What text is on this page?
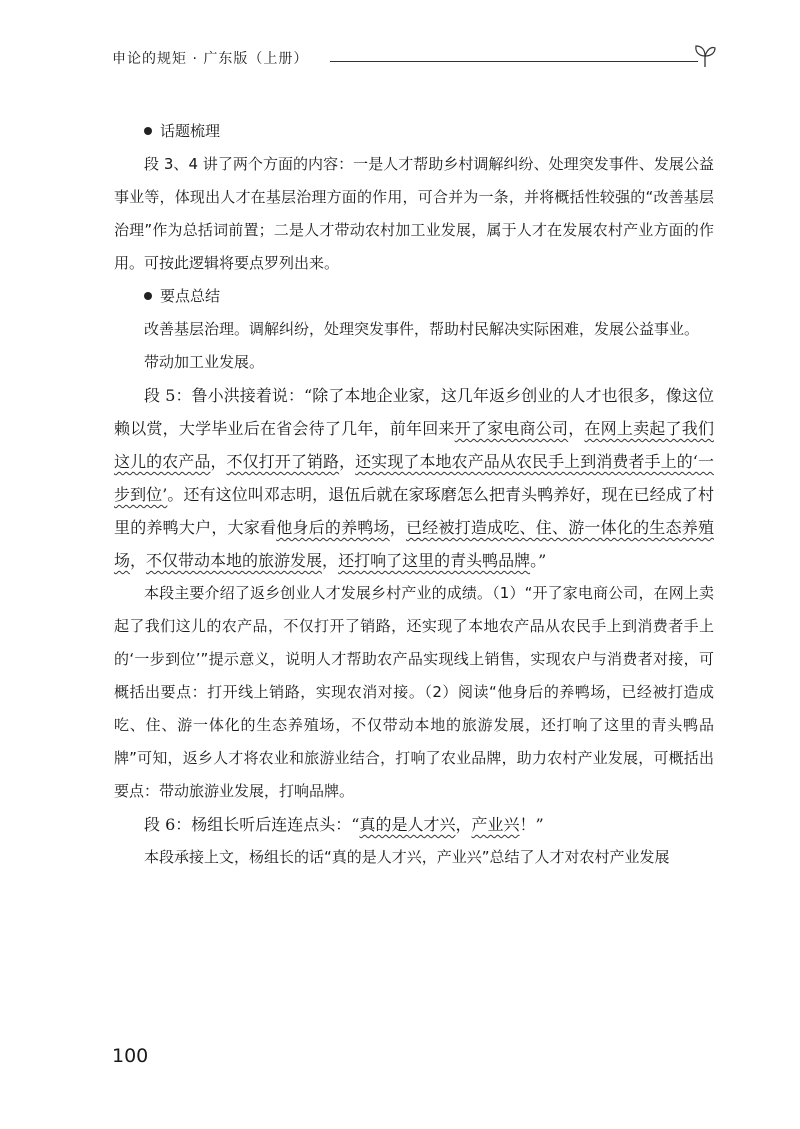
申论的规矩 · 广东版（上册）
话题梳理

段 3、4 讲了两个方面的内容：一是人才帮助乡村调解纠纷、处理突发事件、发展公益事业等，体现出人才在基层治理方面的作用，可合并为一条，并将概括性较强的“改善基层治理”作为总括词前置；二是人才带动农村加工业发展，属于人才在发展农村产业方面的作用。可按此逻辑将要点罗列出来。

要点总结

改善基层治理。调解纠纷，处理突发事件，帮助村民解决实际困难，发展公益事业。

带动加工业发展。

段 5：鲁小洪接着说：“除了本地企业家，这几年返乡创业的人才也很多，像这位赖以赏，大学毕业后在省会待了几年，前年回来开了家电商公司，在网上卖起了我们这儿的农产品，不仅打开了销路，还实现了本地农产品从农民手上到消费者手上的‘一步到位’。还有这位叫邓志明，退伍后就在家琢磨怎么把青头鸭养好，现在已经成了村里的养鸭大户，大家看他身后的养鸭场，已经被打造成吃、住、游一体化的生态养殖场，不仅带动本地的旅游发展，还打响了这里的青头鸭品牌。”

本段主要介绍了返乡创业人才发展乡村产业的成绩。（1）“开了家电商公司，在网上卖起了我们这儿的农产品，不仅打开了销路，还实现了本地农产品从农民手上到消费者手上的‘一步到位’”提示意义，说明人才帮助农产品实现线上销售，实现农户与消费者对接，可概括出要点：打开线上销路，实现农消对接。（2）阅读“他身后的养鸭场，已经被打造成吃、住、游一体化的生态养殖场，不仅带动本地的旅游发展，还打响了这里的青头鸭品牌”可知，返乡人才将农业和旅游业结合，打响了农业品牌，助力农村产业发展，可概括出要点：带动旅游业发展，打响品牌。

段 6：杨组长听后连连点头：“真的是人才兴，产业兴！”

本段承接上文，杨组长的话“真的是人才兴，产业兴”总结了人才对农村产业发展

100
